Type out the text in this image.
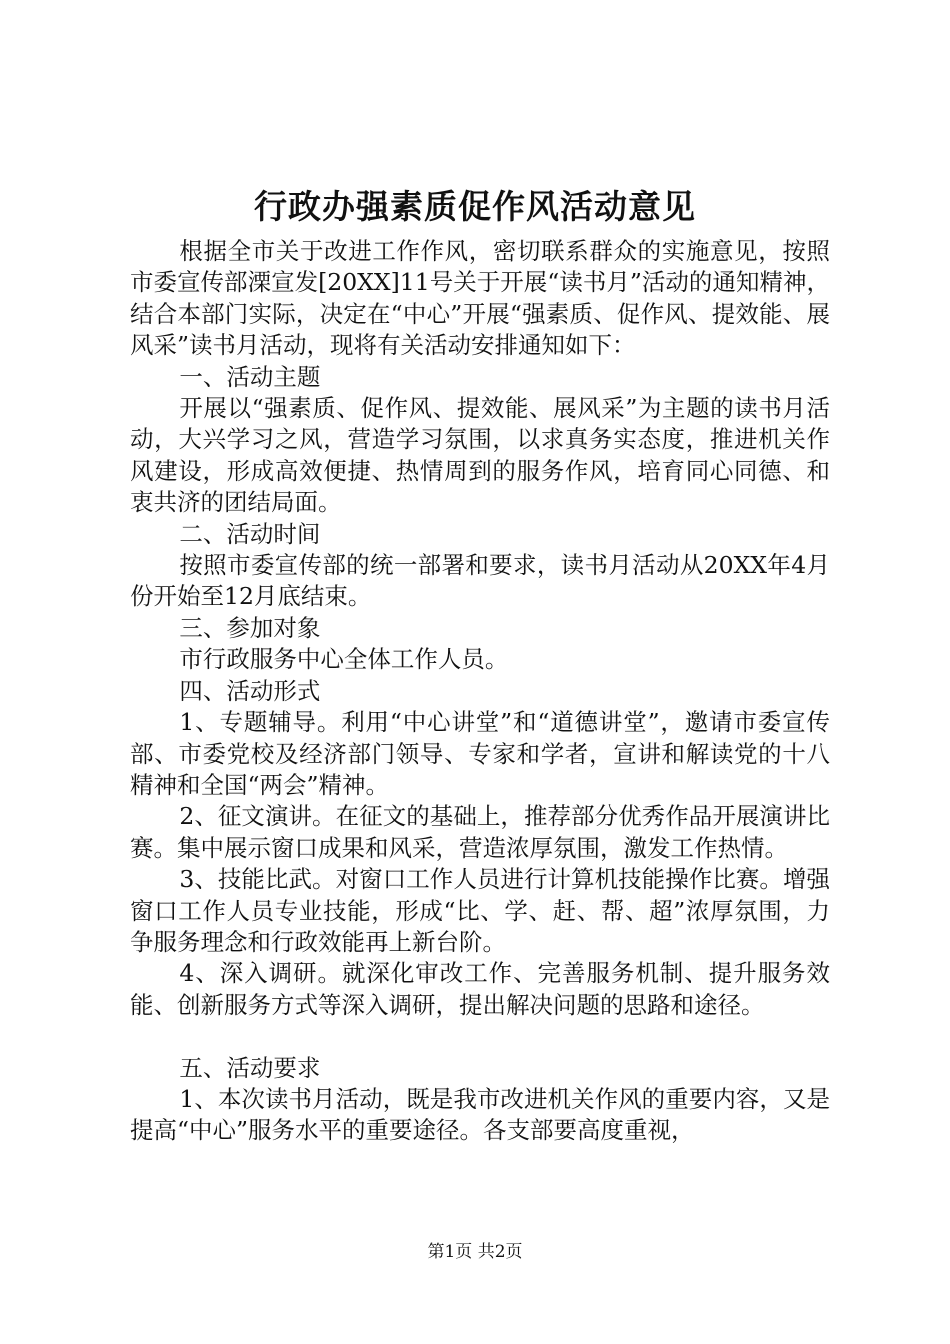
行政办强素质促作风活动意见

根据全市关于改进工作作风，密切联系群众的实施意见，按照市委宣传部溧宣发[20XX]11号关于开展“读书月”活动的通知精神，结合本部门实际，决定在“中心”开展“强素质、促作风、提效能、展风采”读书月活动，现将有关活动安排通知如下：

一、活动主题

开展以“强素质、促作风、提效能、展风采”为主题的读书月活动，大兴学习之风，营造学习氛围，以求真务实态度，推进机关作风建设，形成高效便捷、热情周到的服务作风，培育同心同德、和衷共济的团结局面。

二、活动时间

按照市委宣传部的统一部署和要求，读书月活动从20XX年4月份开始至12月底结束。

三、参加对象

市行政服务中心全体工作人员。

四、活动形式

1、专题辅导。利用“中心讲堂”和“道德讲堂”，邀请市委宣传部、市委党校及经济部门领导、专家和学者，宣讲和解读党的十八精神和全国“两会”精神。

2、征文演讲。在征文的基础上，推荐部分优秀作品开展演讲比赛。集中展示窗口成果和风采，营造浓厚氛围，激发工作热情。

3、技能比武。对窗口工作人员进行计算机技能操作比赛。增强窗口工作人员专业技能，形成“比、学、赶、帮、超”浓厚氛围，力争服务理念和行政效能再上新台阶。

4、深入调研。就深化审改工作、完善服务机制、提升服务效能、创新服务方式等深入调研，提出解决问题的思路和途径。

五、活动要求

1、本次读书月活动，既是我市改进机关作风的重要内容，又是提高“中心”服务水平的重要途径。各支部要高度重视，

第1页 共2页
